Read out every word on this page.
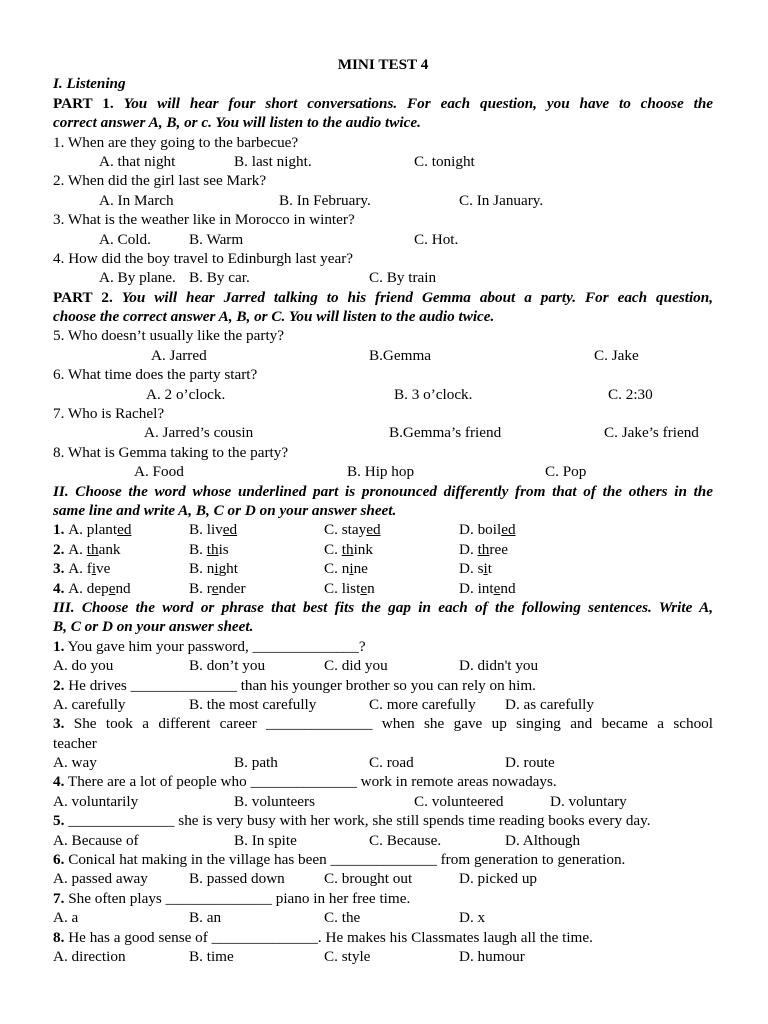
MINI TEST 4
I. Listening
PART 1. You will hear four short conversations. For each question, you have to choose the
correct answer A, B, or c. You will listen to the audio twice.
1. When are they going to the barbecue?
A. that night	B. last night.	C. tonight
2. When did the girl last see Mark?
A. In March	B. In February.	C. In January.
3. What is the weather like in Morocco in winter?
A. Cold.	B. Warm	C. Hot.
4. How did the boy travel to Edinburgh last year?
A. By plane. B. By car.	C. By train
PART 2. You will hear Jarred talking to his friend Gemma about a party. For each question,
choose the correct answer A, B, or C. You will listen to the audio twice.
5. Who doesn’t usually like the party?
A. Jarred	B.Gemma	C. Jake
6. What time does the party start?
A. 2 o’clock.	B. 3 o’clock.	C. 2:30
7. Who is Rachel?
A. Jarred’s cousin	B.Gemma’s friend	C. Jake’s friend
8. What is Gemma taking to the party?
A. Food	B. Hip hop	C. Pop
II. Choose the word whose underlined part is pronounced differently from that of the others in the
same line and write A, B, C or D on your answer sheet.
1. A. planted	B. lived	C. stayed	D. boiled
2. A. thank	B. this	C. think	D. three
3. A. five	B. night	C. nine	D. sit
4. A. depend	B. render	C. listen	D. intend
III. Choose the word or phrase that best fits the gap in each of the following sentences. Write A,
B, C or D on your answer sheet.
1. You gave him your password, ______________?
A. do you	B. don’t you	C. did you	D. didn't you
2. He drives ______________ than his younger brother so you can rely on him.
A. carefully	B. the most carefully	C. more carefully D. as carefully
3. She took a different career ______________ when she gave up singing and became a school
teacher
A. way	B. path	C. road	D. route
4. There are a lot of people who ______________ work in remote areas nowadays.
A. voluntarily	B. volunteers	C. volunteered	D. voluntary
5. ______________ she is very busy with her work, she still spends time reading books every day.
A. Because of	B. In spite	C. Because.	D. Although
6. Conical hat making in the village has been ______________ from generation to generation.
A. passed away	B. passed down	C. brought out	D. picked up
7. She often plays ______________ piano in her free time.
A. a	B. an	C. the	D. x
8. He has a good sense of ______________. He makes his Classmates laugh all the time.
A. direction	B. time	C. style	D. humour
